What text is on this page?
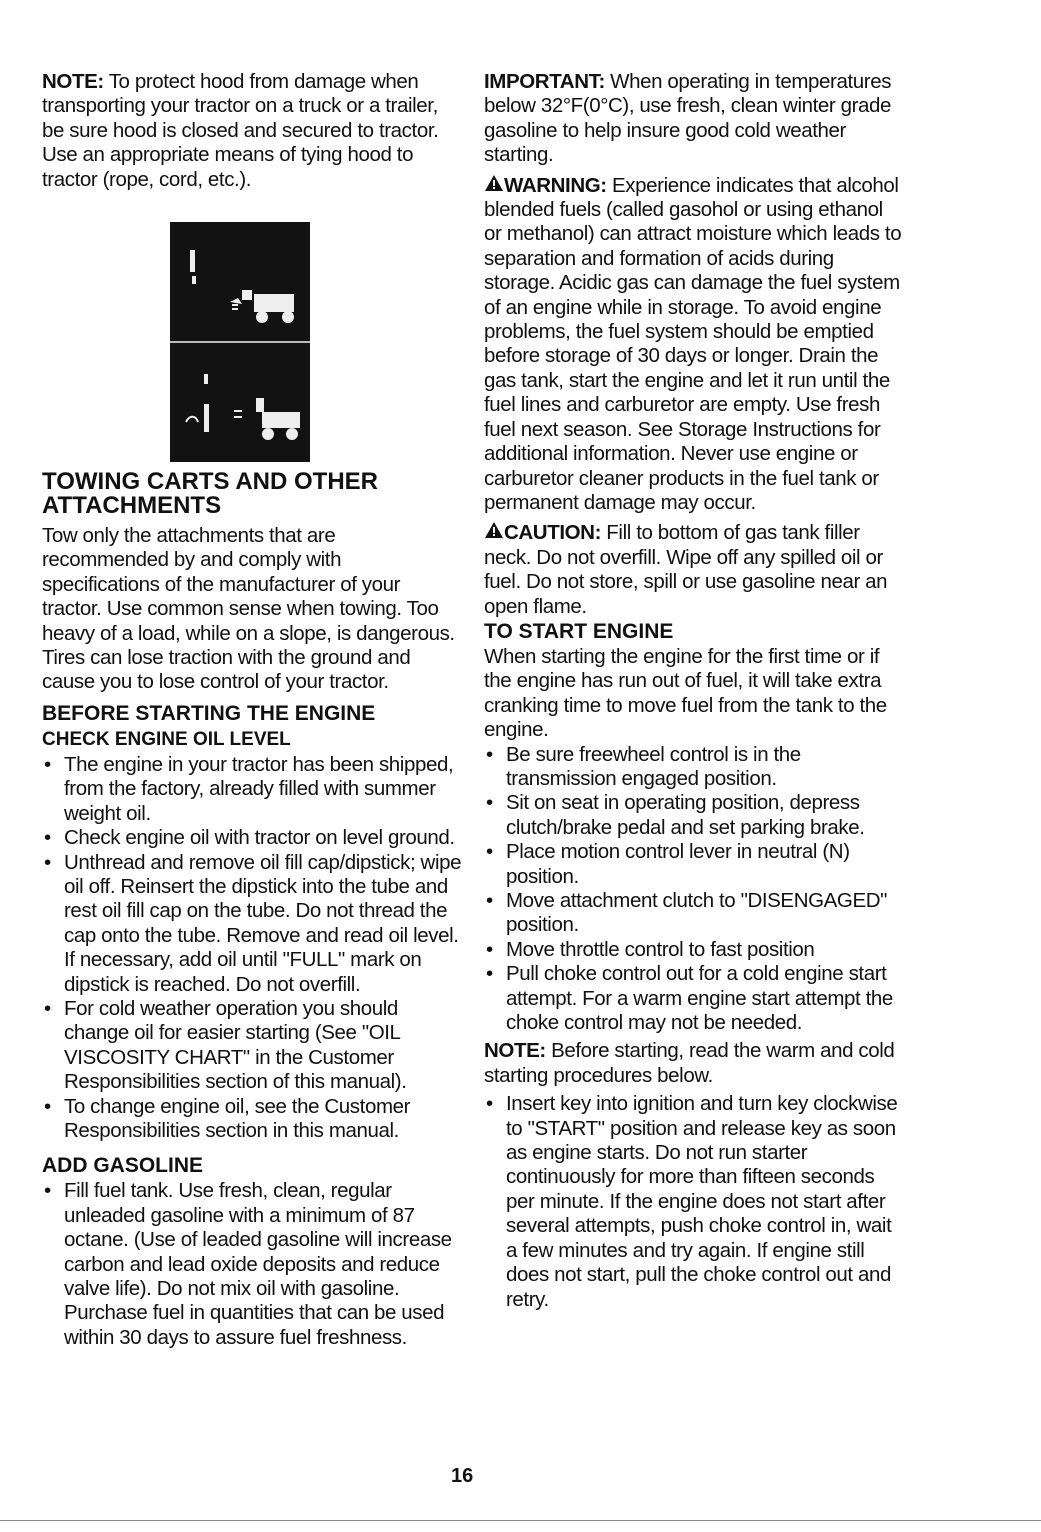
NOTE: To protect hood from damage when transporting your tractor on a truck or a trailer, be sure hood is closed and secured to tractor. Use an appropriate means of tying hood to tractor (rope, cord, etc.).

TOWING CARTS AND OTHER ATTACHMENTS

Tow only the attachments that are recommended by and comply with specifications of the manufacturer of your tractor. Use common sense when towing. Too heavy of a load, while on a slope, is dangerous. Tires can lose traction with the ground and cause you to lose control of your tractor.

BEFORE STARTING THE ENGINE
CHECK ENGINE OIL LEVEL
• The engine in your tractor has been shipped, from the factory, already filled with summer weight oil.
• Check engine oil with tractor on level ground.
• Unthread and remove oil fill cap/dipstick; wipe oil off. Reinsert the dipstick into the tube and rest oil fill cap on the tube. Do not thread the cap onto the tube. Remove and read oil level. If necessary, add oil until "FULL" mark on dipstick is reached. Do not overfill.
• For cold weather operation you should change oil for easier starting (See "OIL VISCOSITY CHART" in the Customer Responsibilities section of this manual).
• To change engine oil, see the Customer Responsibilities section in this manual.
ADD GASOLINE
• Fill fuel tank. Use fresh, clean, regular unleaded gasoline with a minimum of 87 octane. (Use of leaded gasoline will increase carbon and lead oxide deposits and reduce valve life). Do not mix oil with gasoline. Purchase fuel in quantities that can be used within 30 days to assure fuel freshness.

IMPORTANT: When operating in temperatures below 32°F(0°C), use fresh, clean winter grade gasoline to help insure good cold weather starting.

WARNING: Experience indicates that alcohol blended fuels (called gasohol or using ethanol or methanol) can attract moisture which leads to separation and formation of acids during storage. Acidic gas can damage the fuel system of an engine while in storage. To avoid engine problems, the fuel system should be emptied before storage of 30 days or longer. Drain the gas tank, start the engine and let it run until the fuel lines and carburetor are empty. Use fresh fuel next season. See Storage Instructions for additional information. Never use engine or carburetor cleaner products in the fuel tank or permanent damage may occur.

CAUTION: Fill to bottom of gas tank filler neck. Do not overfill. Wipe off any spilled oil or fuel. Do not store, spill or use gasoline near an open flame.

TO START ENGINE

When starting the engine for the first time or if the engine has run out of fuel, it will take extra cranking time to move fuel from the tank to the engine.

• Be sure freewheel control is in the transmission engaged position.
• Sit on seat in operating position, depress clutch/brake pedal and set parking brake.
• Place motion control lever in neutral (N) position.
• Move attachment clutch to "DISENGAGED" position.
• Move throttle control to fast position
• Pull choke control out for a cold engine start attempt. For a warm engine start attempt the choke control may not be needed.

NOTE: Before starting, read the warm and cold starting procedures below.

• Insert key into ignition and turn key clockwise to "START" position and release key as soon as engine starts. Do not run starter continuously for more than fifteen seconds per minute. If the engine does not start after several attempts, push choke control in, wait a few minutes and try again. If engine still does not start, pull the choke control out and retry.
16
